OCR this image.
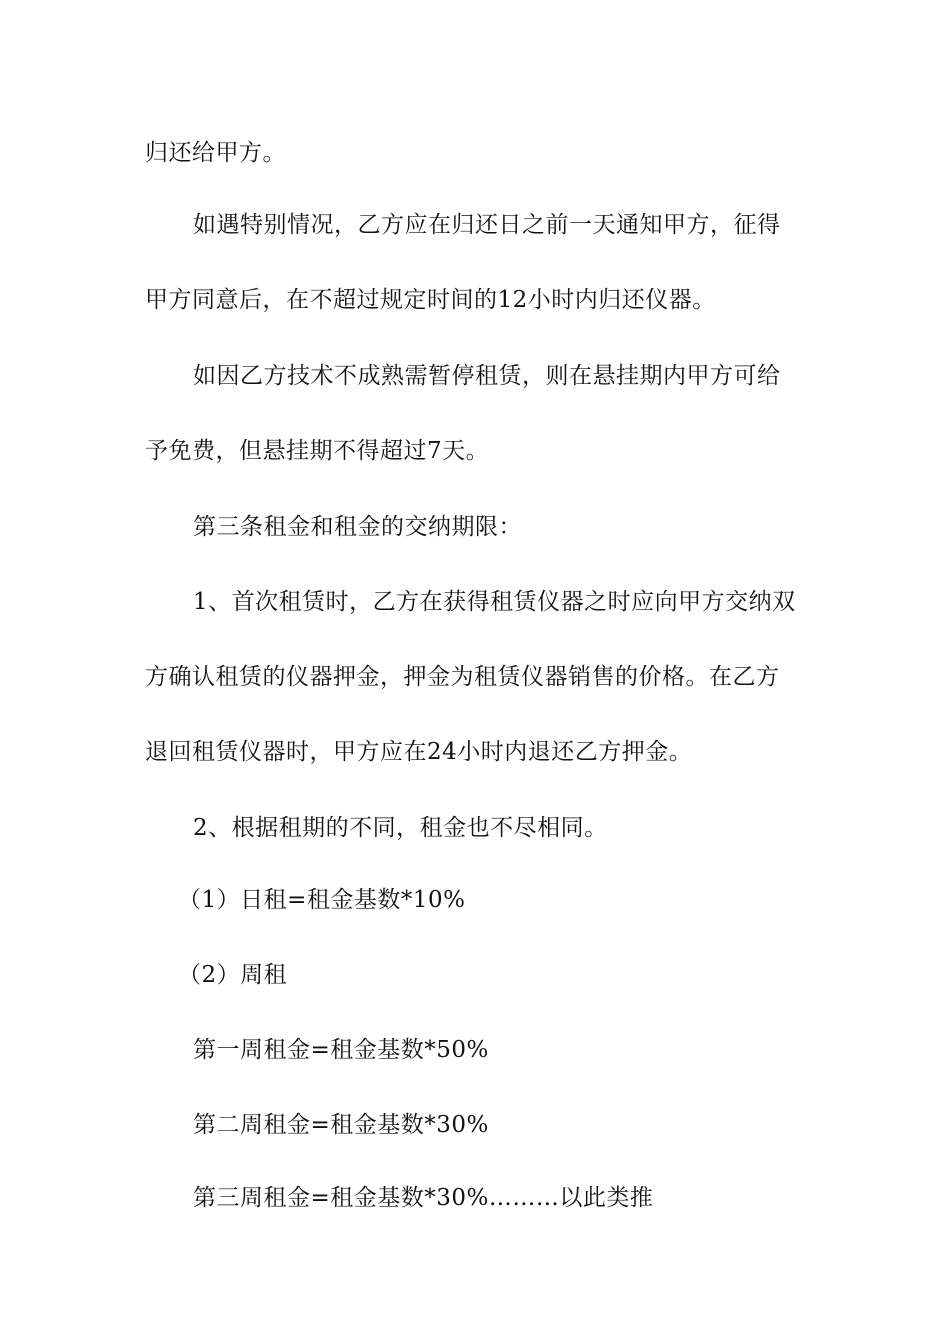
归还给甲方。
如遇特别情况，乙方应在归还日之前一天通知甲方，征得
甲方同意后，在不超过规定时间的12小时内归还仪器。
如因乙方技术不成熟需暂停租赁，则在悬挂期内甲方可给
予免费，但悬挂期不得超过7天。
第三条租金和租金的交纳期限：
1、首次租赁时，乙方在获得租赁仪器之时应向甲方交纳双
方确认租赁的仪器押金，押金为租赁仪器销售的价格。在乙方
退回租赁仪器时，甲方应在24小时内退还乙方押金。
2、根据租期的不同，租金也不尽相同。
（1）日租=租金基数*10%
（2）周租
第一周租金=租金基数*50%
第二周租金=租金基数*30%
第三周租金=租金基数*30%………以此类推
